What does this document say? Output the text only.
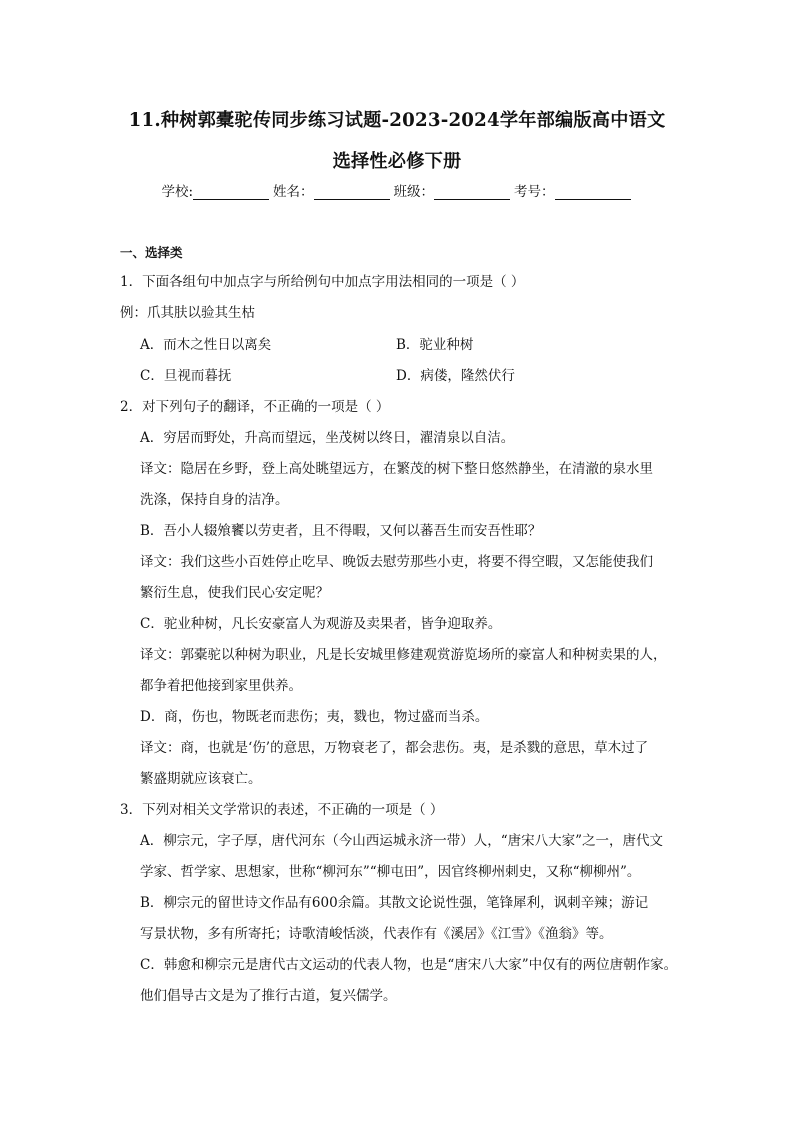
11.种树郭橐驼传同步练习试题-2023-2024学年部编版高中语文
选择性必修下册
学校:	姓名：	班级：	考号：
一、选择类
1．下面各组句中加点字与所给例句中加点字用法相同的一项是（ ）
例：爪其肤以验其生枯
A．而木之性日以离矣	B．驼业种树
C．旦视而暮抚	D．病偻，隆然伏行
2．对下列句子的翻译，不正确的一项是（ ）
A．穷居而野处，升高而望远，坐茂树以终日，濯清泉以自洁。
译文：隐居在乡野，登上高处眺望远方，在繁茂的树下整日悠然静坐，在清澈的泉水里
洗涤，保持自身的洁净。
B．吾小人辍飧饔以劳吏者，且不得暇，又何以蕃吾生而安吾性耶？
译文：我们这些小百姓停止吃早、晚饭去慰劳那些小吏，将要不得空暇，又怎能使我们
繁衍生息，使我们民心安定呢？
C．驼业种树，凡长安豪富人为观游及卖果者，皆争迎取养。
译文：郭橐驼以种树为职业，凡是长安城里修建观赏游览场所的豪富人和种树卖果的人，
都争着把他接到家里供养。
D．商，伤也，物既老而悲伤；夷，戮也，物过盛而当杀。
译文：商，也就是‘伤’的意思，万物衰老了，都会悲伤。夷，是杀戮的意思，草木过了
繁盛期就应该衰亡。
3．下列对相关文学常识的表述，不正确的一项是（ ）
A．柳宗元，字子厚，唐代河东（今山西运城永济一带）人，“唐宋八大家”之一，唐代文
学家、哲学家、思想家，世称“柳河东”“柳屯田”，因官终柳州刺史，又称“柳柳州”。
B．柳宗元的留世诗文作品有600余篇。其散文论说性强，笔锋犀利，讽刺辛辣；游记
写景状物，多有所寄托；诗歌清峻恬淡，代表作有《溪居》《江雪》《渔翁》等。
C．韩愈和柳宗元是唐代古文运动的代表人物，也是“唐宋八大家”中仅有的两位唐朝作家。
他们倡导古文是为了推行古道，复兴儒学。
